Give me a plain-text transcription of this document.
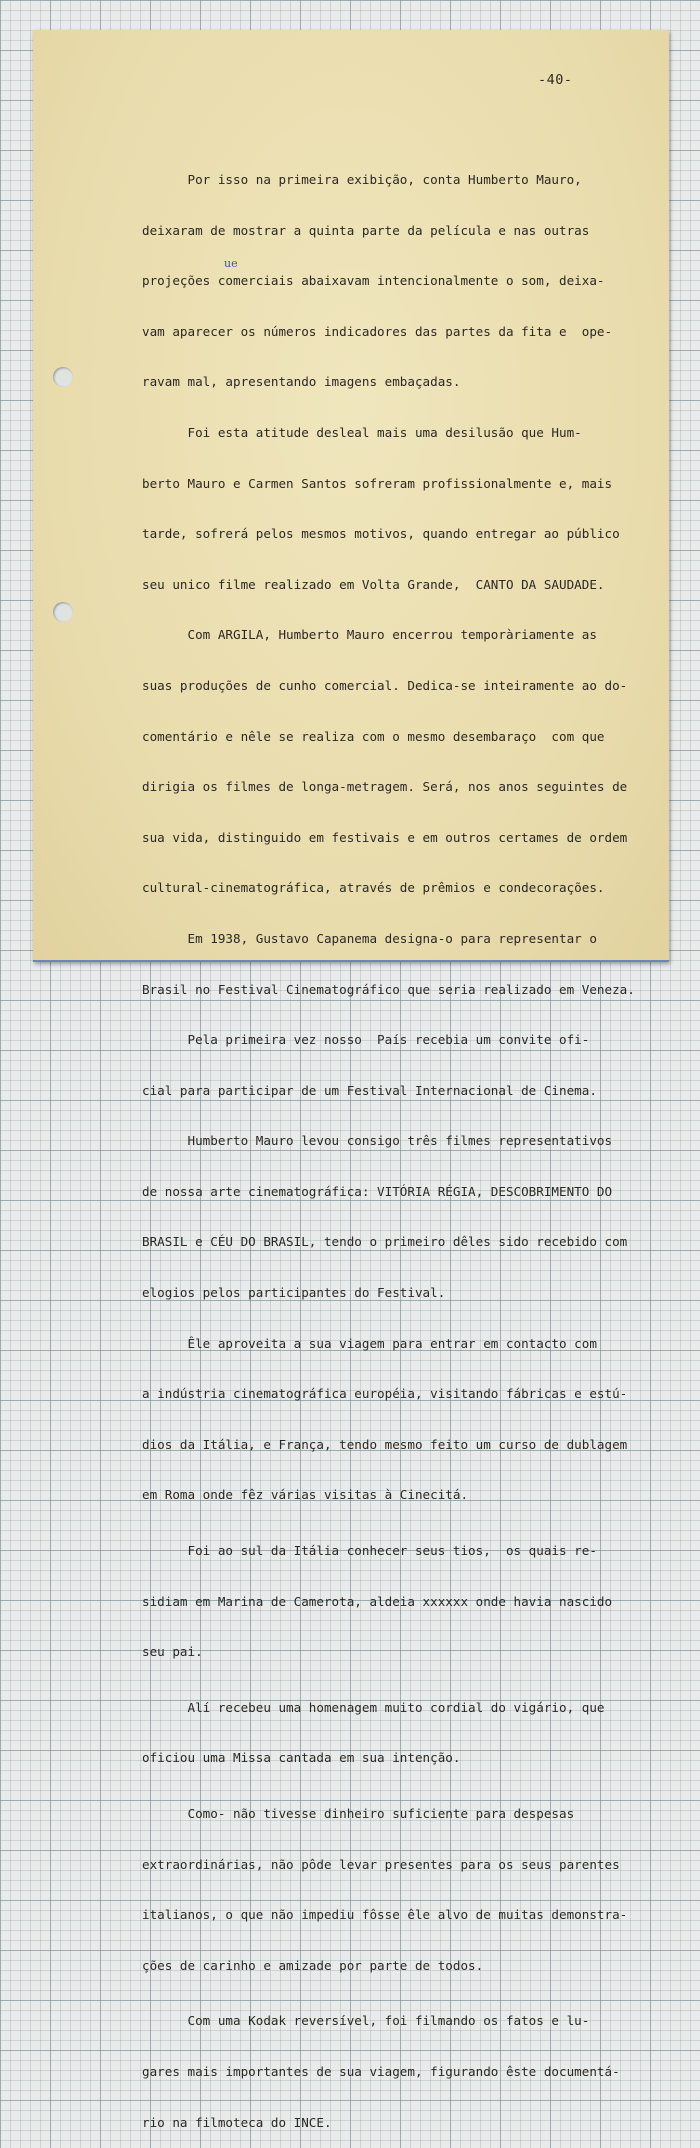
-40-
ue

Por isso na primeira exibição, conta Humberto Mauro,

deixaram de mostrar a quinta parte da película e nas outras

projeções comerciais abaixavam intencionalmente o som, deixa-

vam aparecer os números indicadores das partes da fita e  ope-

ravam mal, apresentando imagens embaçadas.

Foi esta atitude desleal mais uma desilusão que Hum-

berto Mauro e Carmen Santos sofreram profissionalmente e, mais

tarde, sofrerá pelos mesmos motivos, quando entregar ao público

seu unico filme realizado em Volta Grande,  CANTO DA SAUDADE.

Com ARGILA, Humberto Mauro encerrou temporàriamente as

suas produções de cunho comercial. Dedica-se inteiramente ao do-

comentário e nêle se realiza com o mesmo desembaraço  com que

dirigia os filmes de longa-metragem. Será, nos anos seguintes de

sua vida, distinguido em festivais e em outros certames de ordem

cultural-cinematográfica, através de prêmios e condecorações.

Em 1938, Gustavo Capanema designa-o para representar o

Brasil no Festival Cinematográfico que seria realizado em Veneza.

Pela primeira vez nosso  País recebia um convite ofi-

cial para participar de um Festival Internacional de Cinema.

Humberto Mauro levou consigo três filmes representativos

de nossa arte cinematográfica: VITÓRIA RÉGIA, DESCOBRIMENTO DO

BRASIL e CÉU DO BRASIL, tendo o primeiro dêles sido recebido com

elogios pelos participantes do Festival.

Êle aproveita a sua viagem para entrar em contacto com

a indústria cinematográfica européia, visitando fábricas e estú-

dios da Itália, e França, tendo mesmo feito um curso de dublagem

em Roma onde fêz várias visitas à Cinecitá.

Foi ao sul da Itália conhecer seus tios,  os quais re-

sidiam em Marina de Camerota, aldeia xxxxxx onde havia nascido

seu pai.

Alí recebeu uma homenagem muito cordial do vigário, que

oficiou uma Missa cantada em sua intenção.

Como- não tivesse dinheiro suficiente para despesas

extraordinárias, não pôde levar presentes para os seus parentes

italianos, o que não impediu fôsse êle alvo de muitas demonstra-

ções de carinho e amizade por parte de todos.

Com uma Kodak reversível, foi filmando os fatos e lu-

gares mais importantes de sua viagem, figurando êste documentá-

rio na filmoteca do INCE.
